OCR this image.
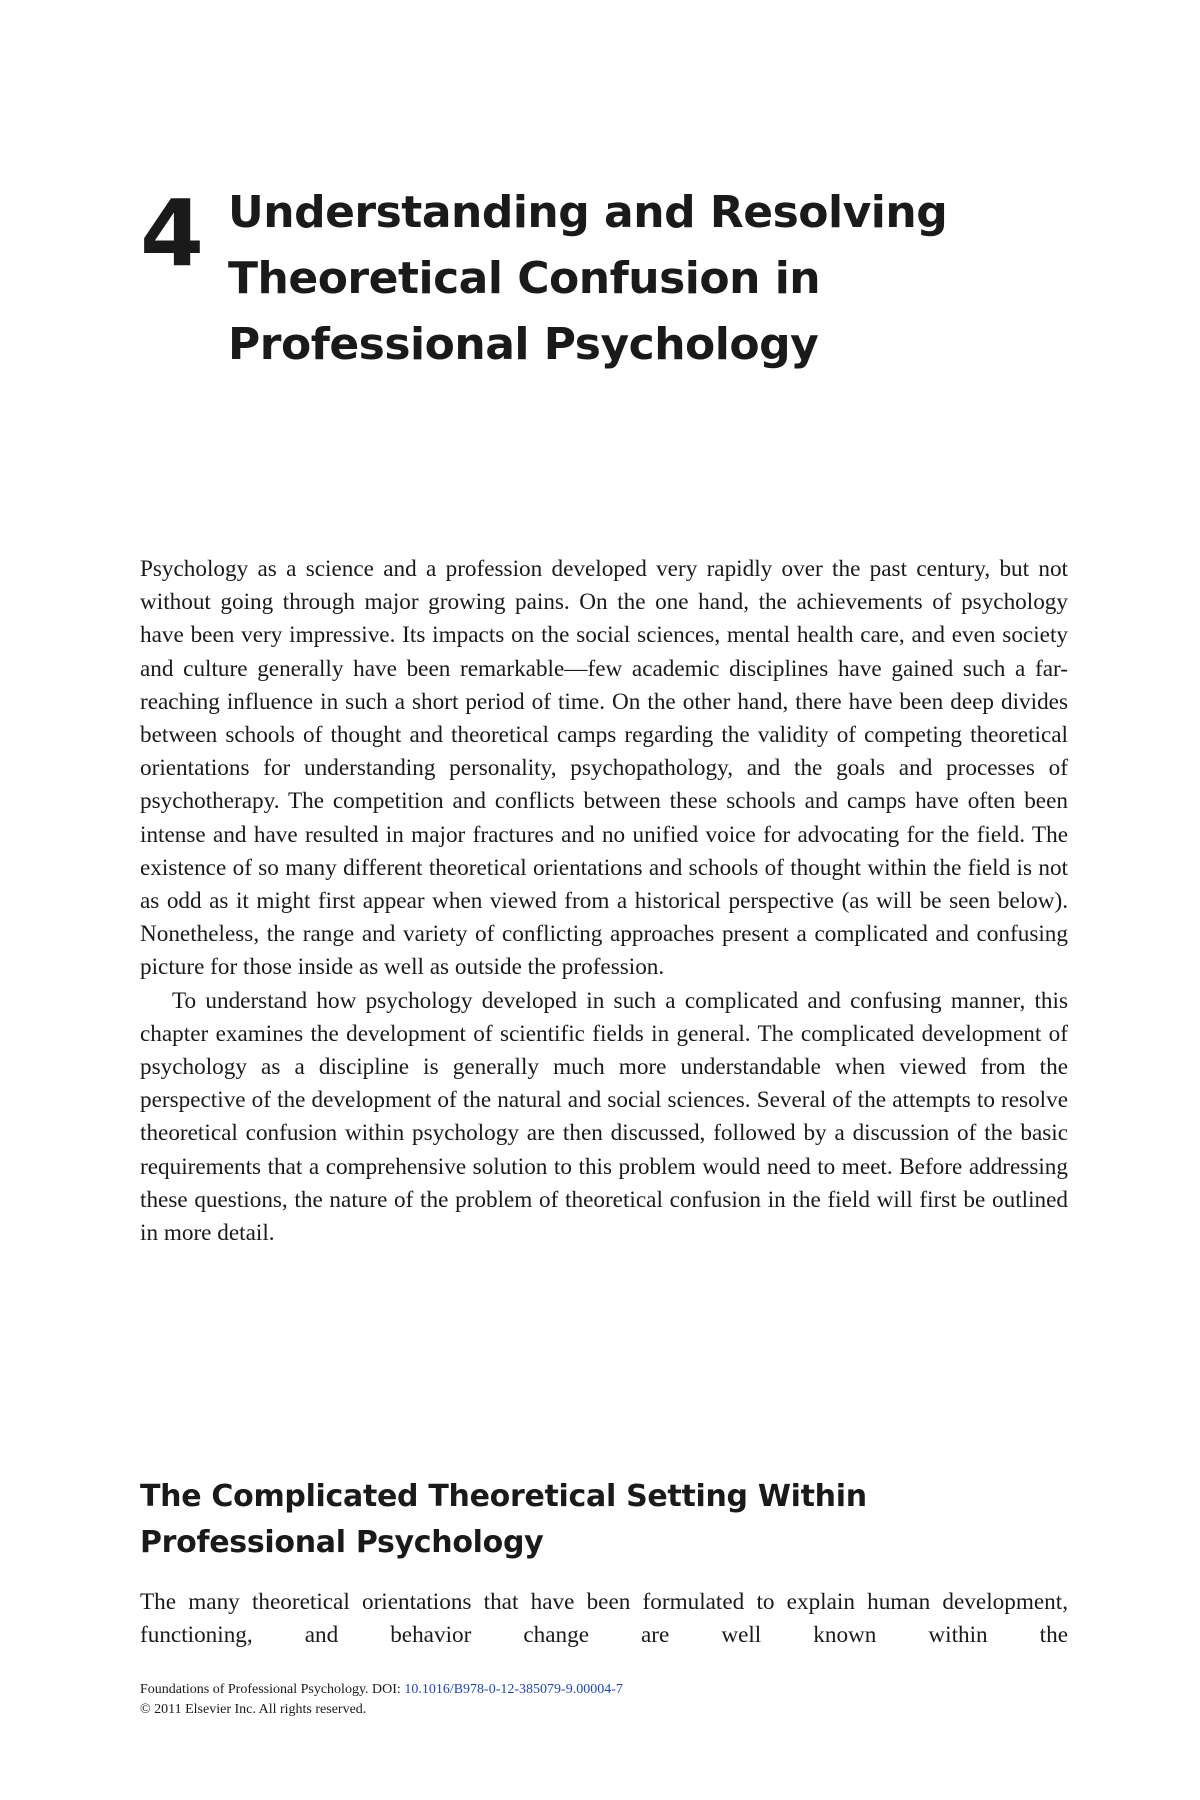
4 Understanding and Resolving Theoretical Confusion in Professional Psychology

Psychology as a science and a profession developed very rapidly over the past century, but not without going through major growing pains. On the one hand, the achievements of psychology have been very impressive. Its impacts on the social sciences, mental health care, and even society and culture generally have been remarkable—few academic disciplines have gained such a far-reaching influence in such a short period of time. On the other hand, there have been deep divides between schools of thought and theoretical camps regarding the validity of competing theoretical orientations for understanding personality, psychopathology, and the goals and processes of psychotherapy. The competition and conflicts between these schools and camps have often been intense and have resulted in major fractures and no unified voice for advocating for the field. The existence of so many different theoretical orientations and schools of thought within the field is not as odd as it might first appear when viewed from a historical perspective (as will be seen below). Nonetheless, the range and variety of conflicting approaches present a complicated and confusing picture for those inside as well as outside the profession.

To understand how psychology developed in such a complicated and confusing manner, this chapter examines the development of scientific fields in general. The complicated development of psychology as a discipline is generally much more understandable when viewed from the perspective of the development of the natural and social sciences. Several of the attempts to resolve theoretical confusion within psychology are then discussed, followed by a discussion of the basic requirements that a comprehensive solution to this problem would need to meet. Before addressing these questions, the nature of the problem of theoretical confusion in the field will first be outlined in more detail.

The Complicated Theoretical Setting Within Professional Psychology

The many theoretical orientations that have been formulated to explain human development, functioning, and behavior change are well known within the

Foundations of Professional Psychology. DOI: 10.1016/B978-0-12-385079-9.00004-7
© 2011 Elsevier Inc. All rights reserved.
